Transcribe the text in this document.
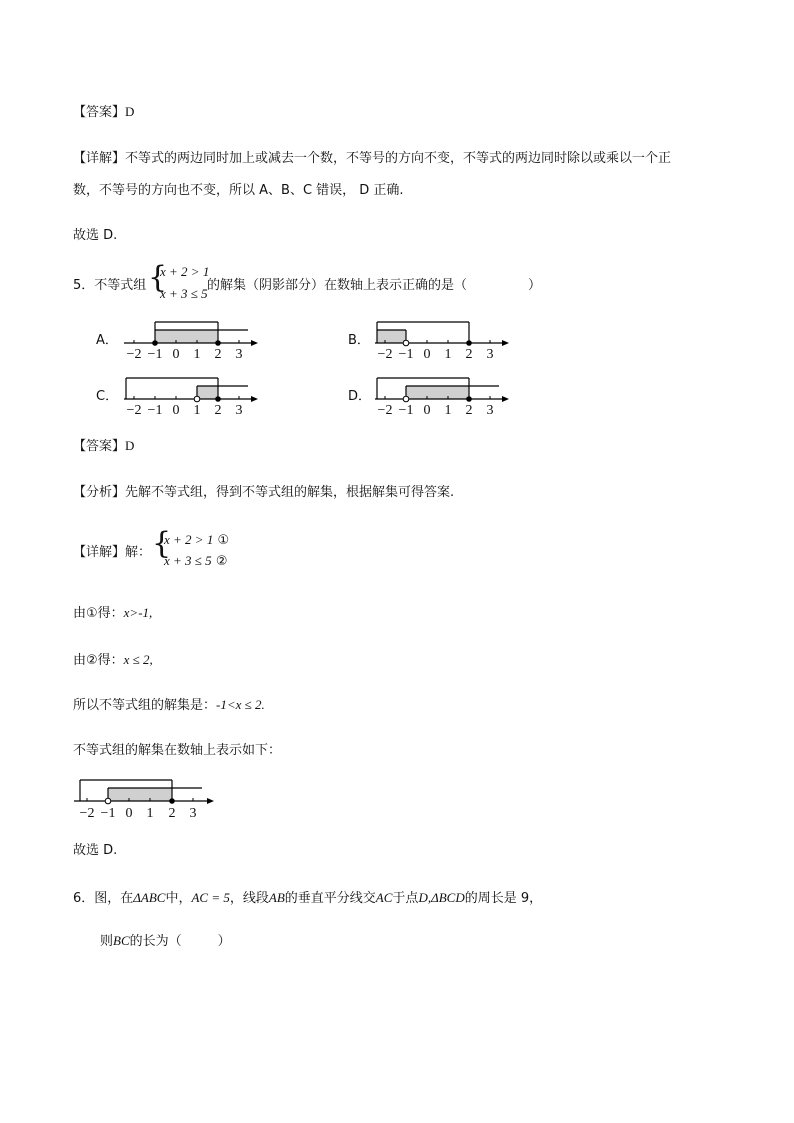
【答案】D
【详解】不等式的两边同时加上或减去一个数，不等号的方向不变，不等式的两边同时除以或乘以一个正
数，不等号的方向也不变，所以 A、B、C 错误， D 正确.
故选 D.
5．不等式组 {
x + 2 > 1
x + 3 ≤ 5
的解集（阴影部分）在数轴上表示正确的是（	）
A．
−2 −1 0 1 2 3
B．
−2 −1 0 1 2 3
C．
−2 −1 0 1 2 3
D．
−2 −1 0 1 2 3
【答案】D
【分析】先解不等式组，得到不等式组的解集，根据解集可得答案.
【详解】解： {
x + 2 > 1 ①
x + 3 ≤ 5 ②
由①得：x>-1,
由②得：x ≤ 2,
所以不等式组的解集是：-1<x ≤ 2.
不等式组的解集在数轴上表示如下：
−2 −1 0 1 2 3
故选 D.
6．图，在ΔABC中，AC = 5，线段AB的垂直平分线交AC于点D,ΔBCD的周长是 9，
则BC的长为（	）
